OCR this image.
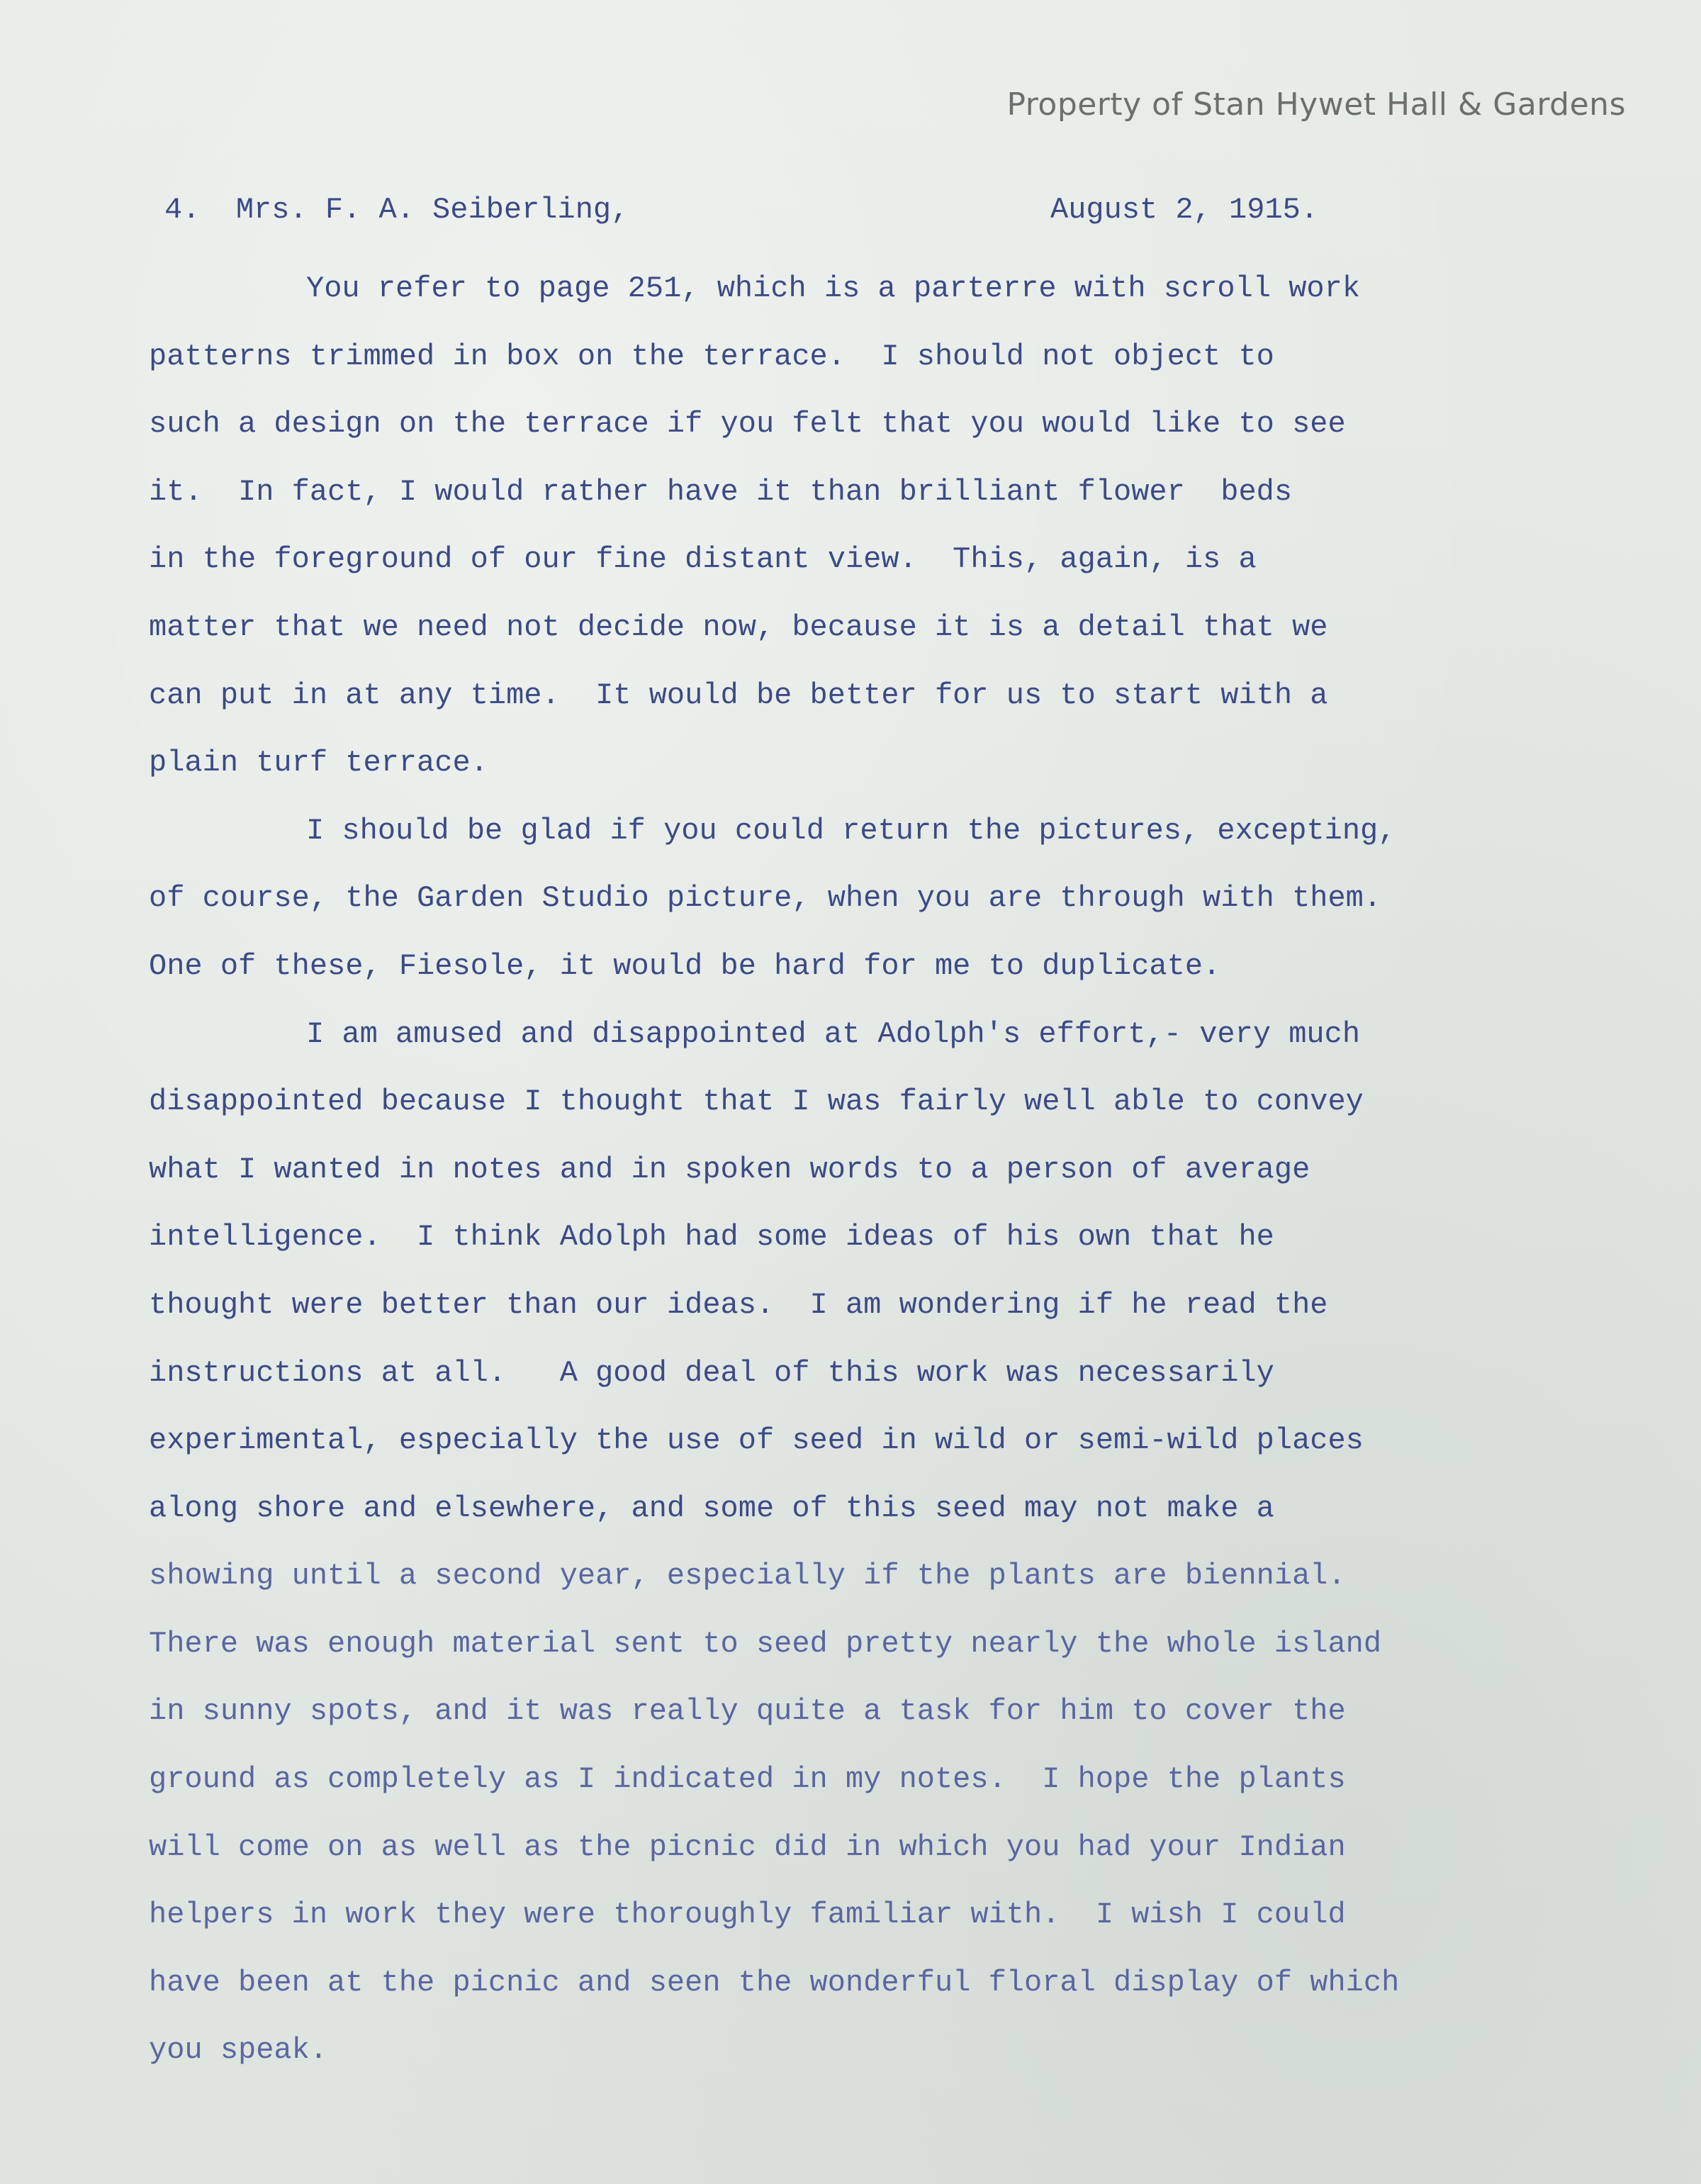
Property of Stan Hywet Hall & Gardens

4.  Mrs. F. A. Seiberling,

	August 2, 1915.

You refer to page 251, which is a parterre with scroll work
patterns trimmed in box on the terrace.  I should not object to
such a design on the terrace if you felt that you would like to see
it.  In fact, I would rather have it than brilliant flower  beds
in the foreground of our fine distant view.  This, again, is a
matter that we need not decide now, because it is a detail that we
can put in at any time.  It would be better for us to start with a
plain turf terrace.
I should be glad if you could return the pictures, excepting,
of course, the Garden Studio picture, when you are through with them.
One of these, Fiesole, it would be hard for me to duplicate.
I am amused and disappointed at Adolph's effort,- very much
disappointed because I thought that I was fairly well able to convey
what I wanted in notes and in spoken words to a person of average
intelligence.  I think Adolph had some ideas of his own that he
thought were better than our ideas.  I am wondering if he read the
instructions at all.   A good deal of this work was necessarily
experimental, especially the use of seed in wild or semi-wild places
along shore and elsewhere, and some of this seed may not make a
showing until a second year, especially if the plants are biennial.
There was enough material sent to seed pretty nearly the whole island
in sunny spots, and it was really quite a task for him to cover the
ground as completely as I indicated in my notes.  I hope the plants
will come on as well as the picnic did in which you had your Indian
helpers in work they were thoroughly familiar with.  I wish I could
have been at the picnic and seen the wonderful floral display of which
you speak.
